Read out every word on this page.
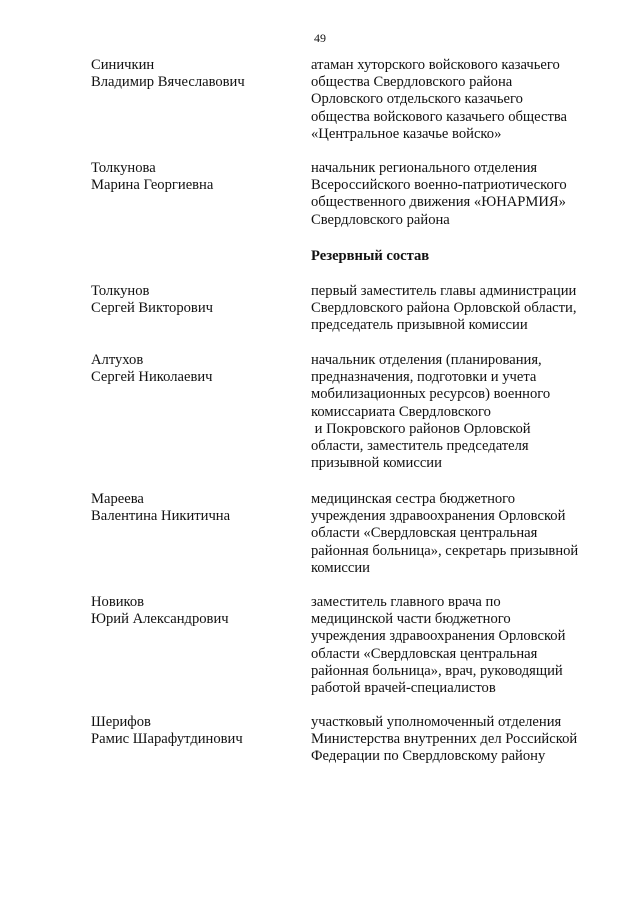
49
Синичкин
Владимир Вячеславович
атаман хуторского войскового казачьего
общества Свердловского района
Орловского отдельского казачьего
общества войскового казачьего общества
«Центральное казачье войско»
Толкунова
Марина Георгиевна
начальник регионального отделения
Всероссийского военно-патриотического
общественного движения «ЮНАРМИЯ»
Свердловского района
Резервный состав
Толкунов
Сергей Викторович
первый заместитель главы администрации
Свердловского района Орловской области,
председатель призывной комиссии
Алтухов
Сергей Николаевич
начальник отделения (планирования,
предназначения, подготовки и учета
мобилизационных ресурсов) военного
комиссариата Свердловского
и Покровского районов Орловской
области, заместитель председателя
призывной комиссии
Мареева
Валентина Никитична
медицинская сестра бюджетного
учреждения здравоохранения Орловской
области «Свердловская центральная
районная больница», секретарь призывной
комиссии
Новиков
Юрий Александрович
заместитель главного врача по
медицинской части бюджетного
учреждения здравоохранения Орловской
области «Свердловская центральная
районная больница», врач, руководящий
работой врачей-специалистов
Шерифов
Рамис Шарафутдинович
участковый уполномоченный отделения
Министерства внутренних дел Российской
Федерации по Свердловскому району
